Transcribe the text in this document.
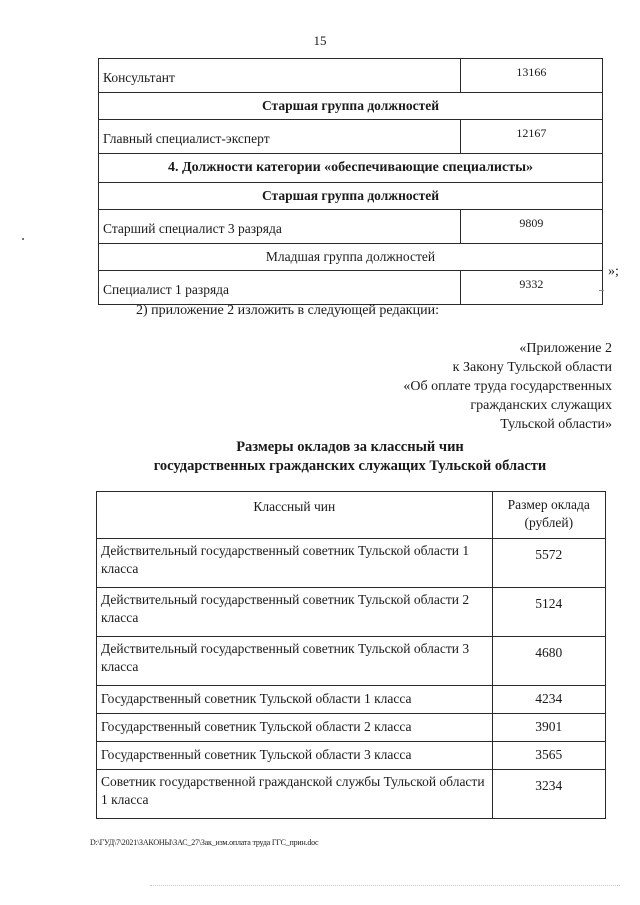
15
Консультант	13166
Старшая группа должностей	
Главный специалист-эксперт	12167
4. Должности категории «обеспечивающие специалисты»	
Старшая группа должностей	
Старший специалист 3 разряда	9809
Младшая группа должностей	
Специалист 1 разряда	9332
»;
2) приложение 2 изложить в следующей редакции:
«Приложение 2
к Закону Тульской области
«Об оплате труда государственных
гражданских служащих
Тульской области»
Размеры окладов за классный чин
государственных гражданских служащих Тульской области
Классный чин	Размер оклада
(рублей)

Действительный государственный советник Тульской области 1 класса	5572
Действительный государственный советник Тульской области 2 класса	5124
Действительный государственный советник Тульской области 3 класса	4680
Государственный советник Тульской области 1 класса	4234
Государственный советник Тульской области 2 класса	3901
Государственный советник Тульской области 3 класса	3565
Советник государственной гражданской службы Тульской области 1 класса	3234
D:\ГУД\7\2021\ЗАКОНЫ\ЗАС_27\Зак_изм.оплата труда ГГС_прин.doc
